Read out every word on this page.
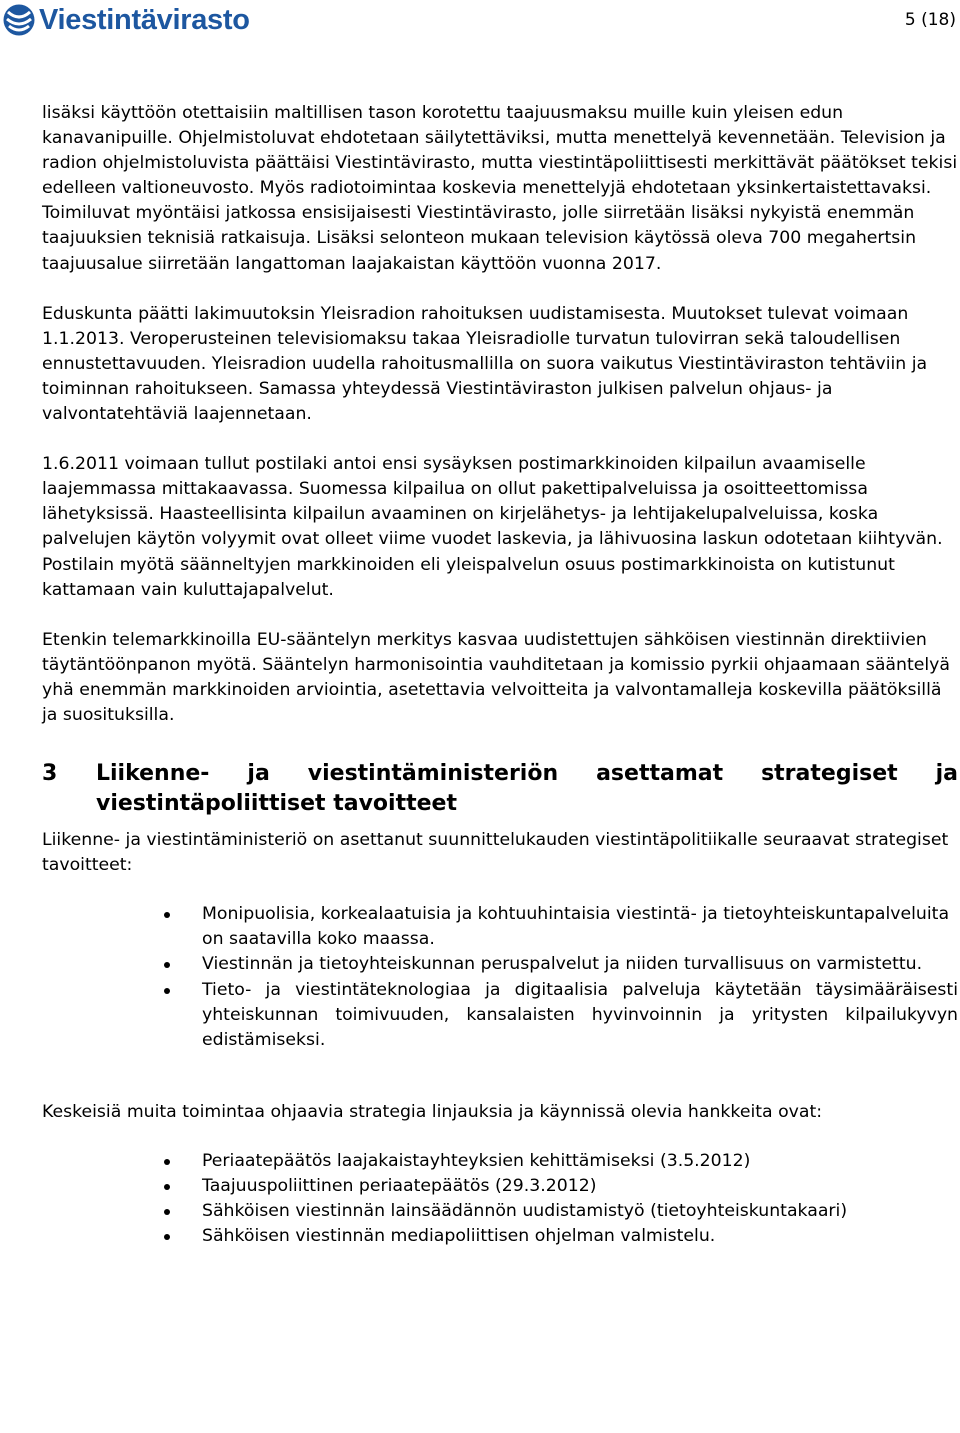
Viestintävirasto	5 (18)

lisäksi käyttöön otettaisiin maltillisen tason korotettu taajuusmaksu muille kuin yleisen edun kanavanipuille. Ohjelmistoluvat ehdotetaan säilytettäviksi, mutta menettelyä kevennetään. Television ja radion ohjelmistoluvista päättäisi Viestintävirasto, mutta viestintäpoliittisesti merkittävät päätökset tekisi edelleen valtioneuvosto. Myös radiotoimintaa koskevia menettelyjä ehdotetaan yksinkertaistettavaksi. Toimiluvat myöntäisi jatkossa ensisijaisesti Viestintävirasto, jolle siirretään lisäksi nykyistä enemmän taajuuksien teknisiä ratkaisuja. Lisäksi selonteon mukaan television käytössä oleva 700 megahertsin taajuusalue siirretään langattoman laajakaistan käyttöön vuonna 2017.

Eduskunta päätti lakimuutoksin Yleisradion rahoituksen uudistamisesta. Muutokset tulevat voimaan 1.1.2013. Veroperusteinen televisiomaksu takaa Yleisradiolle turvatun tulovirran sekä taloudellisen ennustettavuuden. Yleisradion uudella rahoitusmallilla on suora vaikutus Viestintäviraston tehtäviin ja toiminnan rahoitukseen. Samassa yhteydessä Viestintäviraston julkisen palvelun ohjaus- ja valvontatehtäviä laajennetaan.

1.6.2011 voimaan tullut postilaki antoi ensi sysäyksen postimarkkinoiden kilpailun avaamiselle laajemmassa mittakaavassa. Suomessa kilpailua on ollut pakettipalveluissa ja osoitteettomissa lähetyksissä. Haasteellisinta kilpailun avaaminen on kirjelähetys- ja lehtijakelupalveluissa, koska palvelujen käytön volyymit ovat olleet viime vuodet laskevia, ja lähivuosina laskun odotetaan kiihtyvän. Postilain myötä säänneltyjen markkinoiden eli yleispalvelun osuus postimarkkinoista on kutistunut kattamaan vain kuluttajapalvelut.

Etenkin telemarkkinoilla EU-sääntelyn merkitys kasvaa uudistettujen sähköisen viestinnän direktiivien täytäntöönpanon myötä. Sääntelyn harmonisointia vauhditetaan ja komissio pyrkii ohjaamaan sääntelyä yhä enemmän markkinoiden arviointia, asetettavia velvoitteita ja valvontamalleja koskevilla päätöksillä ja suosituksilla.

3	Liikenne- ja viestintäministeriön asettamat strategiset ja viestintäpoliittiset tavoitteet

Liikenne- ja viestintäministeriö on asettanut suunnittelukauden viestintäpolitiikalle seuraavat strategiset tavoitteet:

Monipuolisia, korkealaatuisia ja kohtuuhintaisia viestintä- ja tietoyhteiskuntapalveluita on saatavilla koko maassa.
Viestinnän ja tietoyhteiskunnan peruspalvelut ja niiden turvallisuus on varmistettu.
Tieto- ja viestintäteknologiaa ja digitaalisia palveluja käytetään täysimääräisesti yhteiskunnan toimivuuden, kansalaisten hyvinvoinnin ja yritysten kilpailukyvyn edistämiseksi.

Keskeisiä muita toimintaa ohjaavia strategia linjauksia ja käynnissä olevia hankkeita ovat:

Periaatepäätös laajakaistayhteyksien kehittämiseksi (3.5.2012)
Taajuuspoliittinen periaatepäätös (29.3.2012)
Sähköisen viestinnän lainsäädännön uudistamistyö (tietoyhteiskuntakaari)
Sähköisen viestinnän mediapoliittisen ohjelman valmistelu.
